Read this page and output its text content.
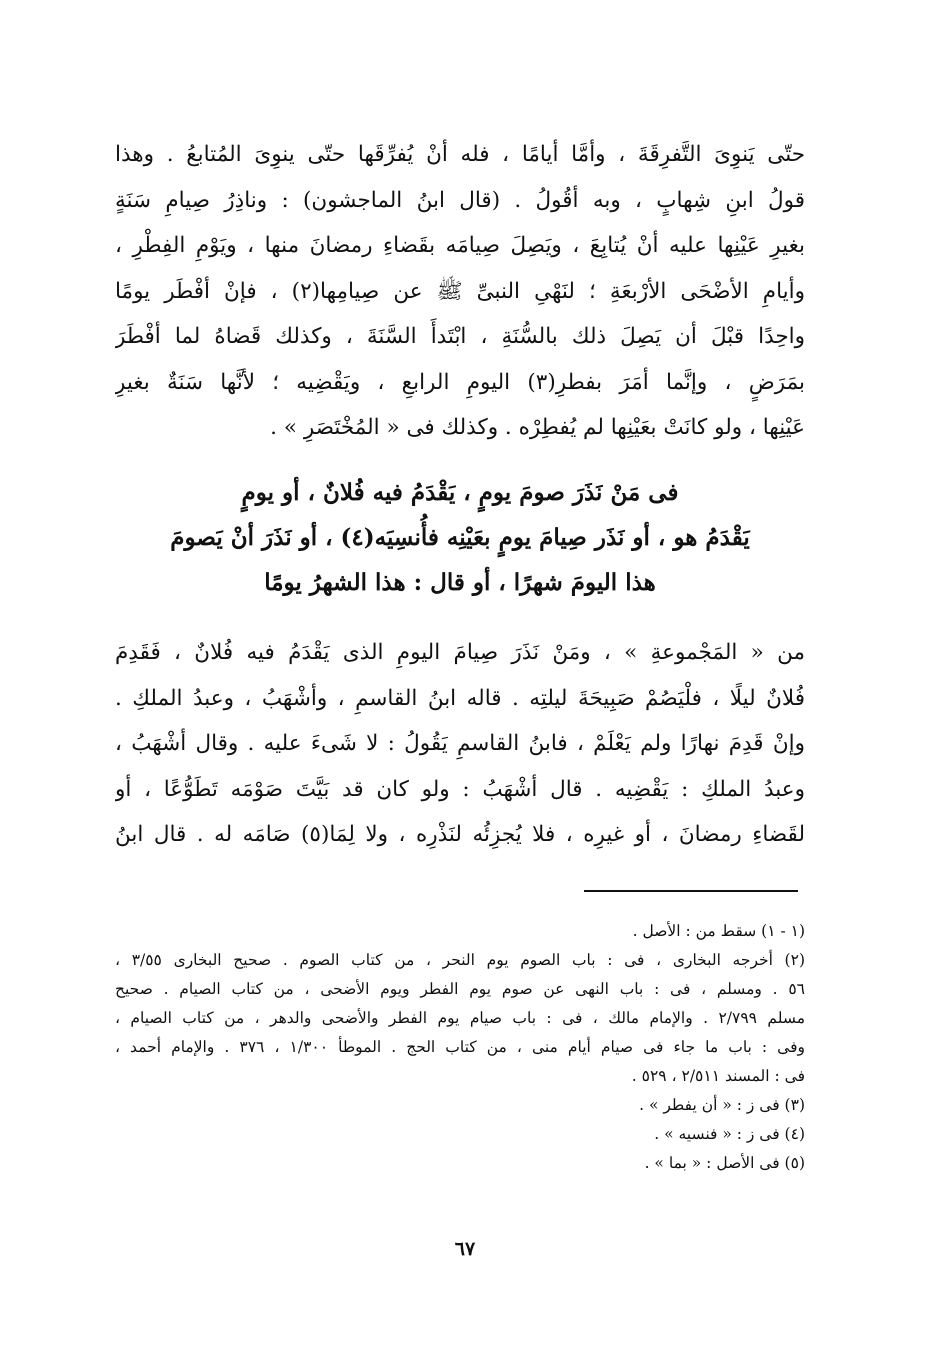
حتّى يَنوِىَ التَّفرِقَةَ ، وأمَّا أيامًا ، فله أنْ يُفرِّقَها حتّى ينوِىَ المُتابعُ . وهذا
قولُ ابنِ شِهابٍ ، وبه أقُولُ . (قال ابنُ الماجشون) : وناذِرُ صِيامِ سَنَةٍ
بغيرِ عَيْنِها عليه أنْ يُتابِعَ ، ويَصِلَ صِيامَه بقَضاءِ رمضانَ منها ، ويَوْمِ الفِطْرِ ،
وأيامِ الأضْحَى الأرْبعَةِ ؛ لنَهْىِ النبىِّ ﷺ عن صِيامِها(٢) ، فإنْ أفْطَر يومًا
واحِدًا قبْلَ أن يَصِلَ ذلك بالسُّنَةِ ، ابْتَدأَ السَّنَةَ ، وكذلك قَضاهُ لما أفْطَرَ
بمَرَضٍ ، وإنَّما أمَرَ بفطرِ(٣) اليومِ الرابعِ ، ويَقْضِيه ؛ لأنَّها سَنَةٌ بغيرِ
عَيْنِها ، ولو كانَتْ بعَيْنِها لم يُفطِرْه . وكذلك فى « المُخْتَصَرِ » .
فى مَنْ نَذَرَ صومَ يومٍ ، يَقْدَمُ فيه فُلانٌ ، أو يومٍ
يَقْدَمُ هو ، أو نَذَر صِيامَ يومٍ بعَيْنِه فأُنسِيَه(٤) ، أو نَذَرَ أنْ يَصومَ
هذا اليومَ شهرًا ، أو قال : هذا الشهرُ يومًا
من « المَجْموعةِ » ، ومَنْ نَذَرَ صِيامَ اليومِ الذى يَقْدَمُ فيه فُلانٌ ، فَقَدِمَ
فُلانٌ ليلًا ، فلْيَصُمْ صَبِيحَةَ ليلتِه . قاله ابنُ القاسمِ ، وأشْهَبُ ، وعبدُ الملكِ .
وإنْ قَدِمَ نهارًا ولم يَعْلَمْ ، فابنُ القاسمِ يَقُولُ : لا شَىءَ عليه . وقال أشْهَبُ ،
وعبدُ الملكِ : يَقْضِيه . قال أشْهَبُ : ولو كان قد بَيَّتَ صَوْمَه تَطَوُّعًا ، أو
لقَضاءِ رمضانَ ، أو غيرِه ، فلا يُجزِئُه لنَذْرِه ، ولا لِمَا(٥) صَامَه له . قال ابنُ
(١ - ١) سقط من : الأصل .
(٢) أخرجه البخارى ، فى : باب الصوم يوم النحر ، من كتاب الصوم . صحيح البخارى ٣/٥٥ ،
٥٦ . ومسلم ، فى : باب النهى عن صوم يوم الفطر ويوم الأضحى ، من كتاب الصيام . صحيح
مسلم ٢/٧٩٩ . والإمام مالك ، فى : باب صيام يوم الفطر والأضحى والدهر ، من كتاب الصيام ،
وفى : باب ما جاء فى صيام أيام منى ، من كتاب الحج . الموطأ ١/٣٠٠ ، ٣٧٦ . والإمام أحمد ،
فى : المسند ٢/٥١١ ، ٥٢٩ .
(٣) فى ز : « أن يفطر » .
(٤) فى ز : « فنسيه » .
(٥) فى الأصل : « بما » .
٦٧
